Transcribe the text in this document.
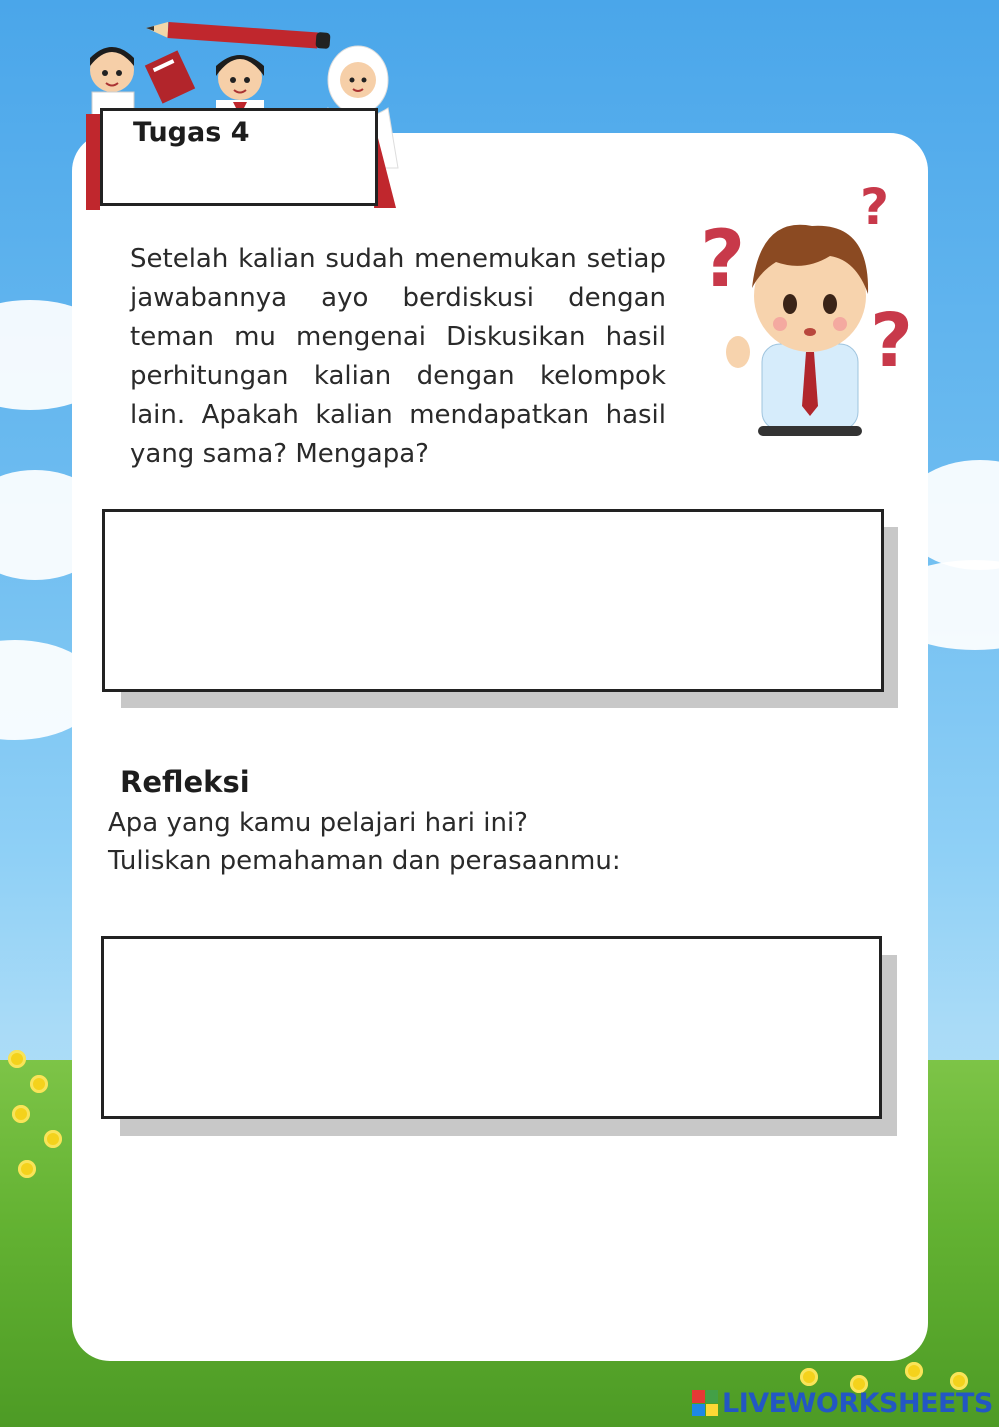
Tugas 4

Setelah kalian sudah menemukan setiap jawabannya ayo berdiskusi dengan teman mu mengenai Diskusikan hasil perhitungan kalian dengan kelompok lain. Apakah kalian mendapatkan hasil yang sama? Mengapa?

?
?
?
Refleksi
Apa yang kamu pelajari hari ini?
Tuliskan pemahaman dan perasaanmu:
LIVEWORKSHEETS
